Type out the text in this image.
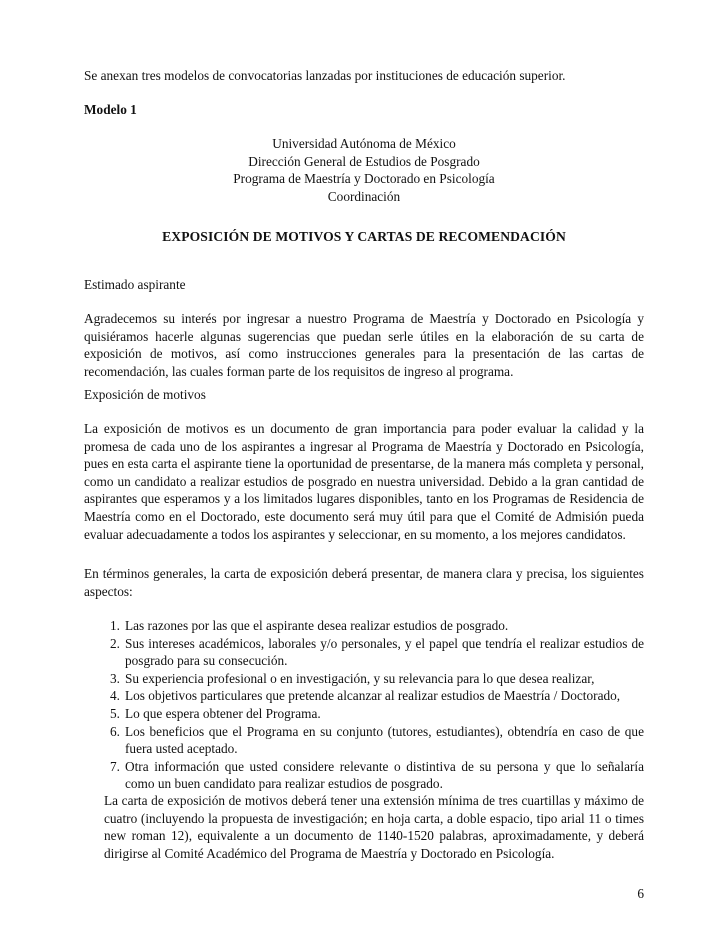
Se anexan tres modelos de convocatorias lanzadas por instituciones de educación superior.

Modelo 1

Universidad Autónoma de México

Dirección General de Estudios de Posgrado

Programa de Maestría y Doctorado en Psicología

Coordinación

EXPOSICIÓN DE MOTIVOS Y CARTAS DE RECOMENDACIÓN

Estimado aspirante

Agradecemos su interés por ingresar a nuestro Programa de Maestría y Doctorado en Psicología y quisiéramos hacerle algunas sugerencias que puedan serle útiles en la elaboración de su carta de exposición de motivos, así como instrucciones generales para la presentación de las cartas de recomendación, las cuales forman parte de los requisitos de ingreso al programa.

Exposición de motivos

La exposición de motivos es un documento de gran importancia para poder evaluar la calidad y la promesa de cada uno de los aspirantes a ingresar al Programa de Maestría y Doctorado en Psicología, pues en esta carta el aspirante tiene la oportunidad de presentarse, de la manera más completa y personal, como un candidato a realizar estudios de posgrado en nuestra universidad. Debido a la gran cantidad de aspirantes que esperamos y a los limitados lugares disponibles, tanto en los Programas de Residencia de Maestría como en el Doctorado, este documento será muy útil para que el Comité de Admisión pueda evaluar adecuadamente a todos los aspirantes y seleccionar, en su momento, a los mejores candidatos.

En términos generales, la carta de exposición deberá presentar, de manera clara y precisa, los siguientes aspectos:

1. Las razones por las que el aspirante desea realizar estudios de posgrado.
2. Sus intereses académicos, laborales y/o personales, y el papel que tendría el realizar estudios de posgrado para su consecución.
3. Su experiencia profesional o en investigación, y su relevancia para lo que desea realizar,
4. Los objetivos particulares que pretende alcanzar al realizar estudios de Maestría / Doctorado,
5. Lo que espera obtener del Programa.
6. Los beneficios que el Programa en su conjunto (tutores, estudiantes), obtendría en caso de que fuera usted aceptado.
7. Otra información que usted considere relevante o distintiva de su persona y que lo señalaría como un buen candidato para realizar estudios de posgrado.

La carta de exposición de motivos deberá tener una extensión mínima de tres cuartillas y máximo de cuatro (incluyendo la propuesta de investigación; en hoja carta, a doble espacio, tipo arial 11 o times new roman 12), equivalente a un documento de 1140-1520 palabras, aproximadamente, y deberá dirigirse al Comité Académico del Programa de Maestría y Doctorado en Psicología.

6
